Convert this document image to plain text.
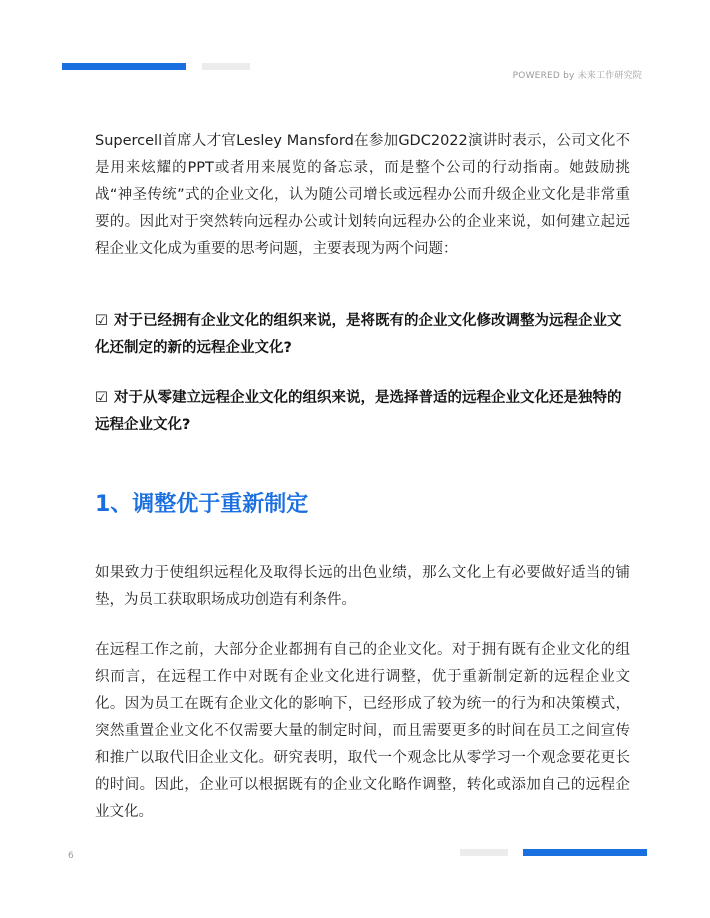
POWERED by 未来工作研究院

Supercell首席人才官Lesley Mansford在参加GDC2022演讲时表示，公司文化不是用来炫耀的PPT或者用来展览的备忘录，而是整个公司的行动指南。她鼓励挑战“神圣传统”式的企业文化，认为随公司增长或远程办公而升级企业文化是非常重要的。因此对于突然转向远程办公或计划转向远程办公的企业来说，如何建立起远程企业文化成为重要的思考问题，主要表现为两个问题：

☑ 对于已经拥有企业文化的组织来说，是将既有的企业文化修改调整为远程企业文化还制定的新的远程企业文化?

☑ 对于从零建立远程企业文化的组织来说，是选择普适的远程企业文化还是独特的远程企业文化?

1、调整优于重新制定

如果致力于使组织远程化及取得长远的出色业绩，那么文化上有必要做好适当的铺垫，为员工获取职场成功创造有利条件。

在远程工作之前，大部分企业都拥有自己的企业文化。对于拥有既有企业文化的组织而言，在远程工作中对既有企业文化进行调整，优于重新制定新的远程企业文化。因为员工在既有企业文化的影响下，已经形成了较为统一的行为和决策模式，突然重置企业文化不仅需要大量的制定时间，而且需要更多的时间在员工之间宣传和推广以取代旧企业文化。研究表明，取代一个观念比从零学习一个观念要花更长的时间。因此，企业可以根据既有的企业文化略作调整，转化或添加自己的远程企业文化。

6
